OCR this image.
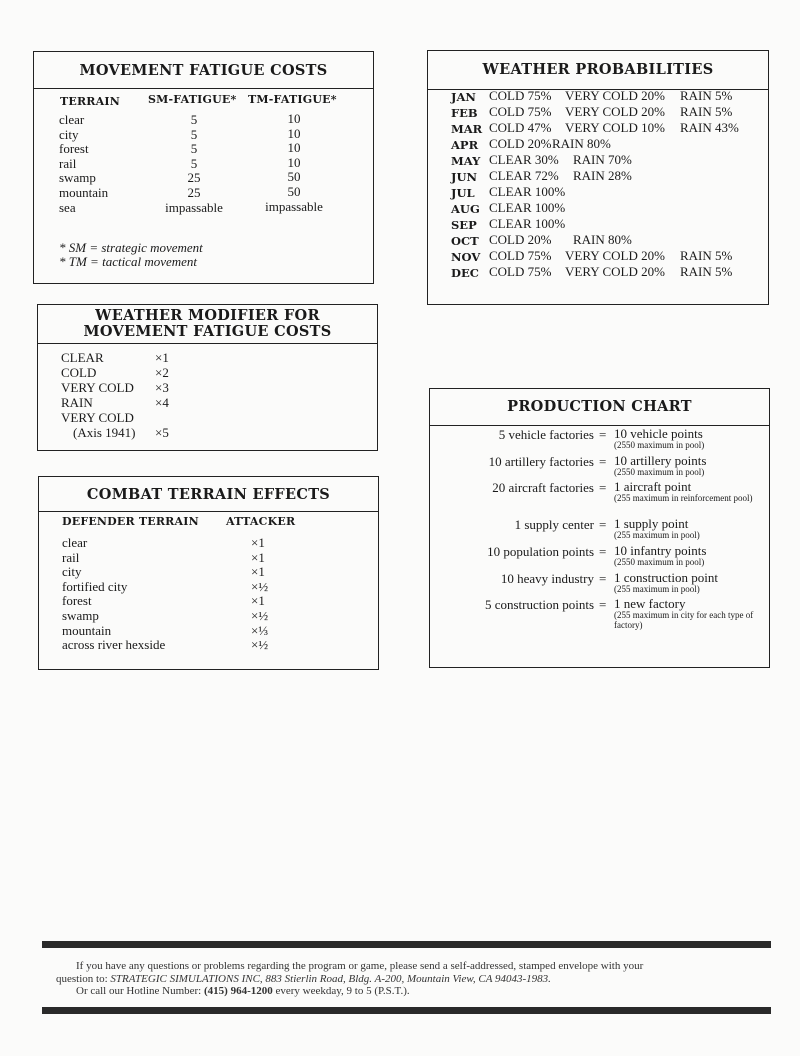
MOVEMENT FATIGUE COSTS
TERRAIN	SM-FATIGUE* TM-FATIGUE*
clear	5	10
city	5	10
forest	5	10
rail	5	10
swamp	25	50
mountain	25	50
sea	impassable	impassable
* SM = strategic movement
* TM = tactical movement
WEATHER MODIFIER FOR
MOVEMENT FATIGUE COSTS
CLEAR	×1
COLD	×2
VERY COLD ×3
RAIN	×4
VERY COLD
(Axis 1941) ×5
COMBAT TERRAIN EFFECTS
DEFENDER TERRAIN ATTACKER
clear	×1
rail	×1
city	×1
fortified city	×½
forest	×1
swamp	×½
mountain	×⅓
across river hexside	×½
WEATHER PROBABILITIES
JAN COLD 75% VERY COLD 20% RAIN 5%
FEB COLD 75% VERY COLD 20% RAIN 5%
MAR COLD 47% VERY COLD 10% RAIN 43%
APR COLD 20% RAIN 80%
MAY CLEAR 30% RAIN 70%
JUN CLEAR 72% RAIN 28%
JUL CLEAR 100%
AUG CLEAR 100%
SEP CLEAR 100%
OCT COLD 20% RAIN 80%
NOV COLD 75% VERY COLD 20% RAIN 5%
DEC COLD 75% VERY COLD 20% RAIN 5%
PRODUCTION CHART
5 vehicle factories = 10 vehicle points
(2550 maximum in pool)
10 artillery factories = 10 artillery points
(2550 maximum in pool)
20 aircraft factories = 1 aircraft point
(255 maximum in reinforcement pool)
1 supply center = 1 supply point
(255 maximum in pool)
10 population points = 10 infantry points
(2550 maximum in pool)
10 heavy industry = 1 construction point
(255 maximum in pool)
5 construction points = 1 new factory
(255 maximum in city for each type of factory)
If you have any questions or problems regarding the program or game, please send a self-addressed, stamped envelope with your
question to: STRATEGIC SIMULATIONS INC, 883 Stierlin Road, Bldg. A-200, Mountain View, CA 94043-1983.
Or call our Hotline Number: (415) 964-1200 every weekday, 9 to 5 (P.S.T.).
